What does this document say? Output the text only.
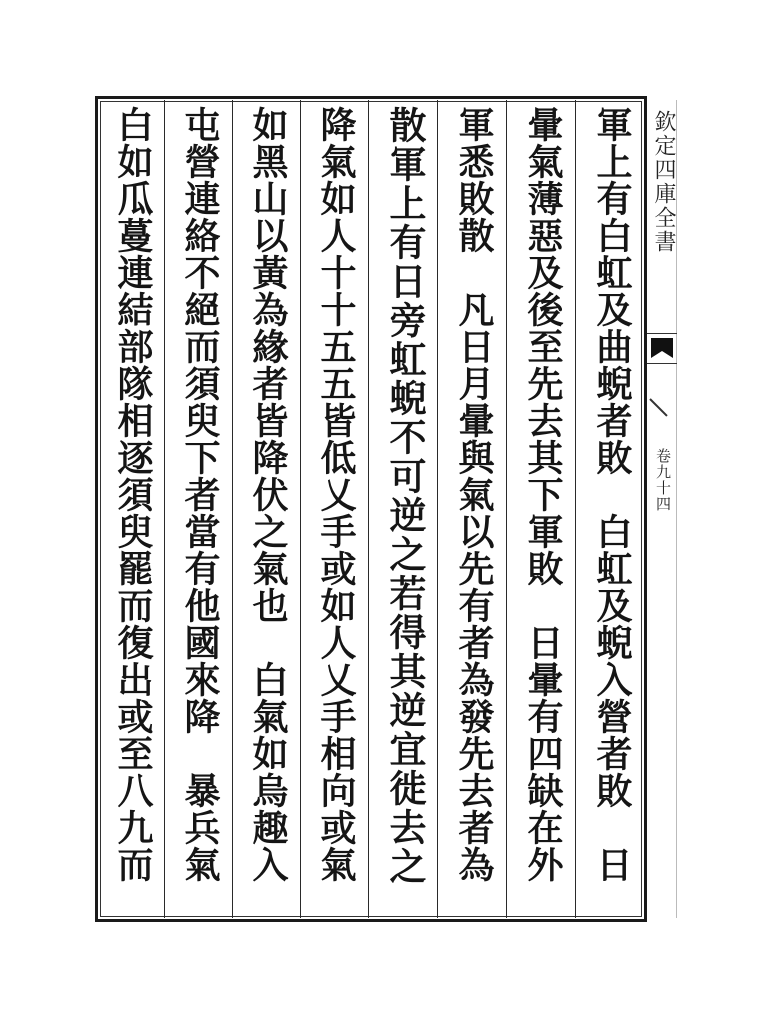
軍上有白虹及曲蜺者敗　白虹及蜺入營者敗　日
暈氣薄惡及後至先去其下軍敗　日暈有四缺在外
軍悉敗散　凡日月暈與氣以先有者為發先去者為
散軍上有日旁虹蜺不可逆之若得其逆宜徙去之
降氣如人十十五五皆低乂手或如人乂手相向或氣
如黑山以黃為緣者皆降伏之氣也　白氣如烏趣入
屯營連絡不絕而須臾下者當有他國來降　暴兵氣
白如瓜蔓連結部隊相逐須臾罷而復出或至八九而	欽定四庫全書
卷九十四
